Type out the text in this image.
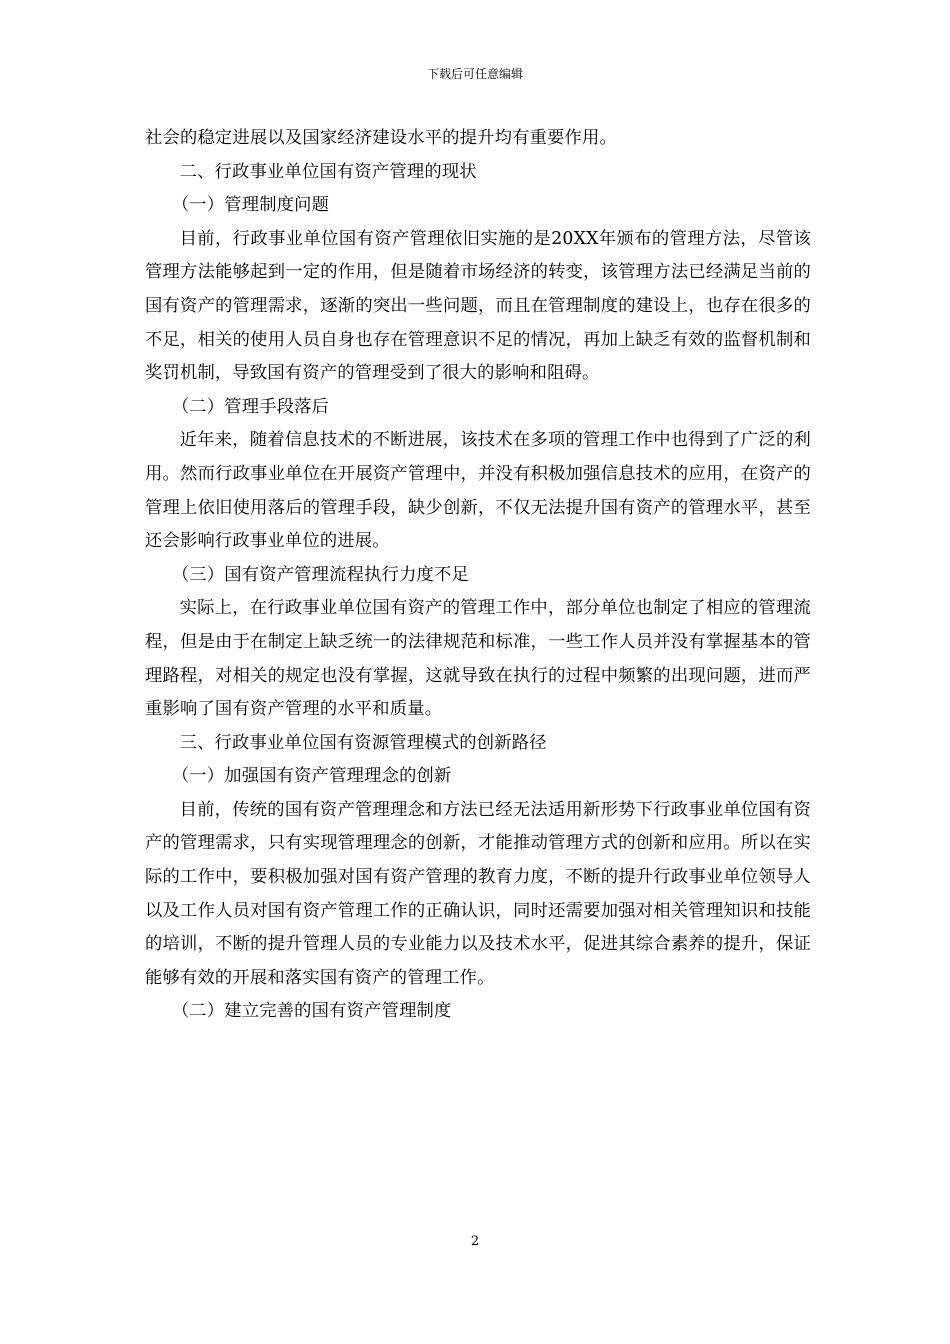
下载后可任意编辑

社会的稳定进展以及国家经济建设水平的提升均有重要作用。

二、行政事业单位国有资产管理的现状

（一）管理制度问题

目前，行政事业单位国有资产管理依旧实施的是20XX年颁布的管理方法，尽管该管理方法能够起到一定的作用，但是随着市场经济的转变，该管理方法已经满足当前的国有资产的管理需求，逐渐的突出一些问题，而且在管理制度的建设上，也存在很多的不足，相关的使用人员自身也存在管理意识不足的情况，再加上缺乏有效的监督机制和奖罚机制，导致国有资产的管理受到了很大的影响和阻碍。

（二）管理手段落后

近年来，随着信息技术的不断进展，该技术在多项的管理工作中也得到了广泛的利用。然而行政事业单位在开展资产管理中，并没有积极加强信息技术的应用，在资产的管理上依旧使用落后的管理手段，缺少创新，不仅无法提升国有资产的管理水平，甚至还会影响行政事业单位的进展。

（三）国有资产管理流程执行力度不足

实际上，在行政事业单位国有资产的管理工作中，部分单位也制定了相应的管理流程，但是由于在制定上缺乏统一的法律规范和标准，一些工作人员并没有掌握基本的管理路程，对相关的规定也没有掌握，这就导致在执行的过程中频繁的出现问题，进而严重影响了国有资产管理的水平和质量。

三、行政事业单位国有资源管理模式的创新路径

（一）加强国有资产管理理念的创新

目前，传统的国有资产管理理念和方法已经无法适用新形势下行政事业单位国有资产的管理需求，只有实现管理理念的创新，才能推动管理方式的创新和应用。所以在实际的工作中，要积极加强对国有资产管理的教育力度，不断的提升行政事业单位领导人以及工作人员对国有资产管理工作的正确认识，同时还需要加强对相关管理知识和技能的培训，不断的提升管理人员的专业能力以及技术水平，促进其综合素养的提升，保证能够有效的开展和落实国有资产的管理工作。

（二）建立完善的国有资产管理制度

2
